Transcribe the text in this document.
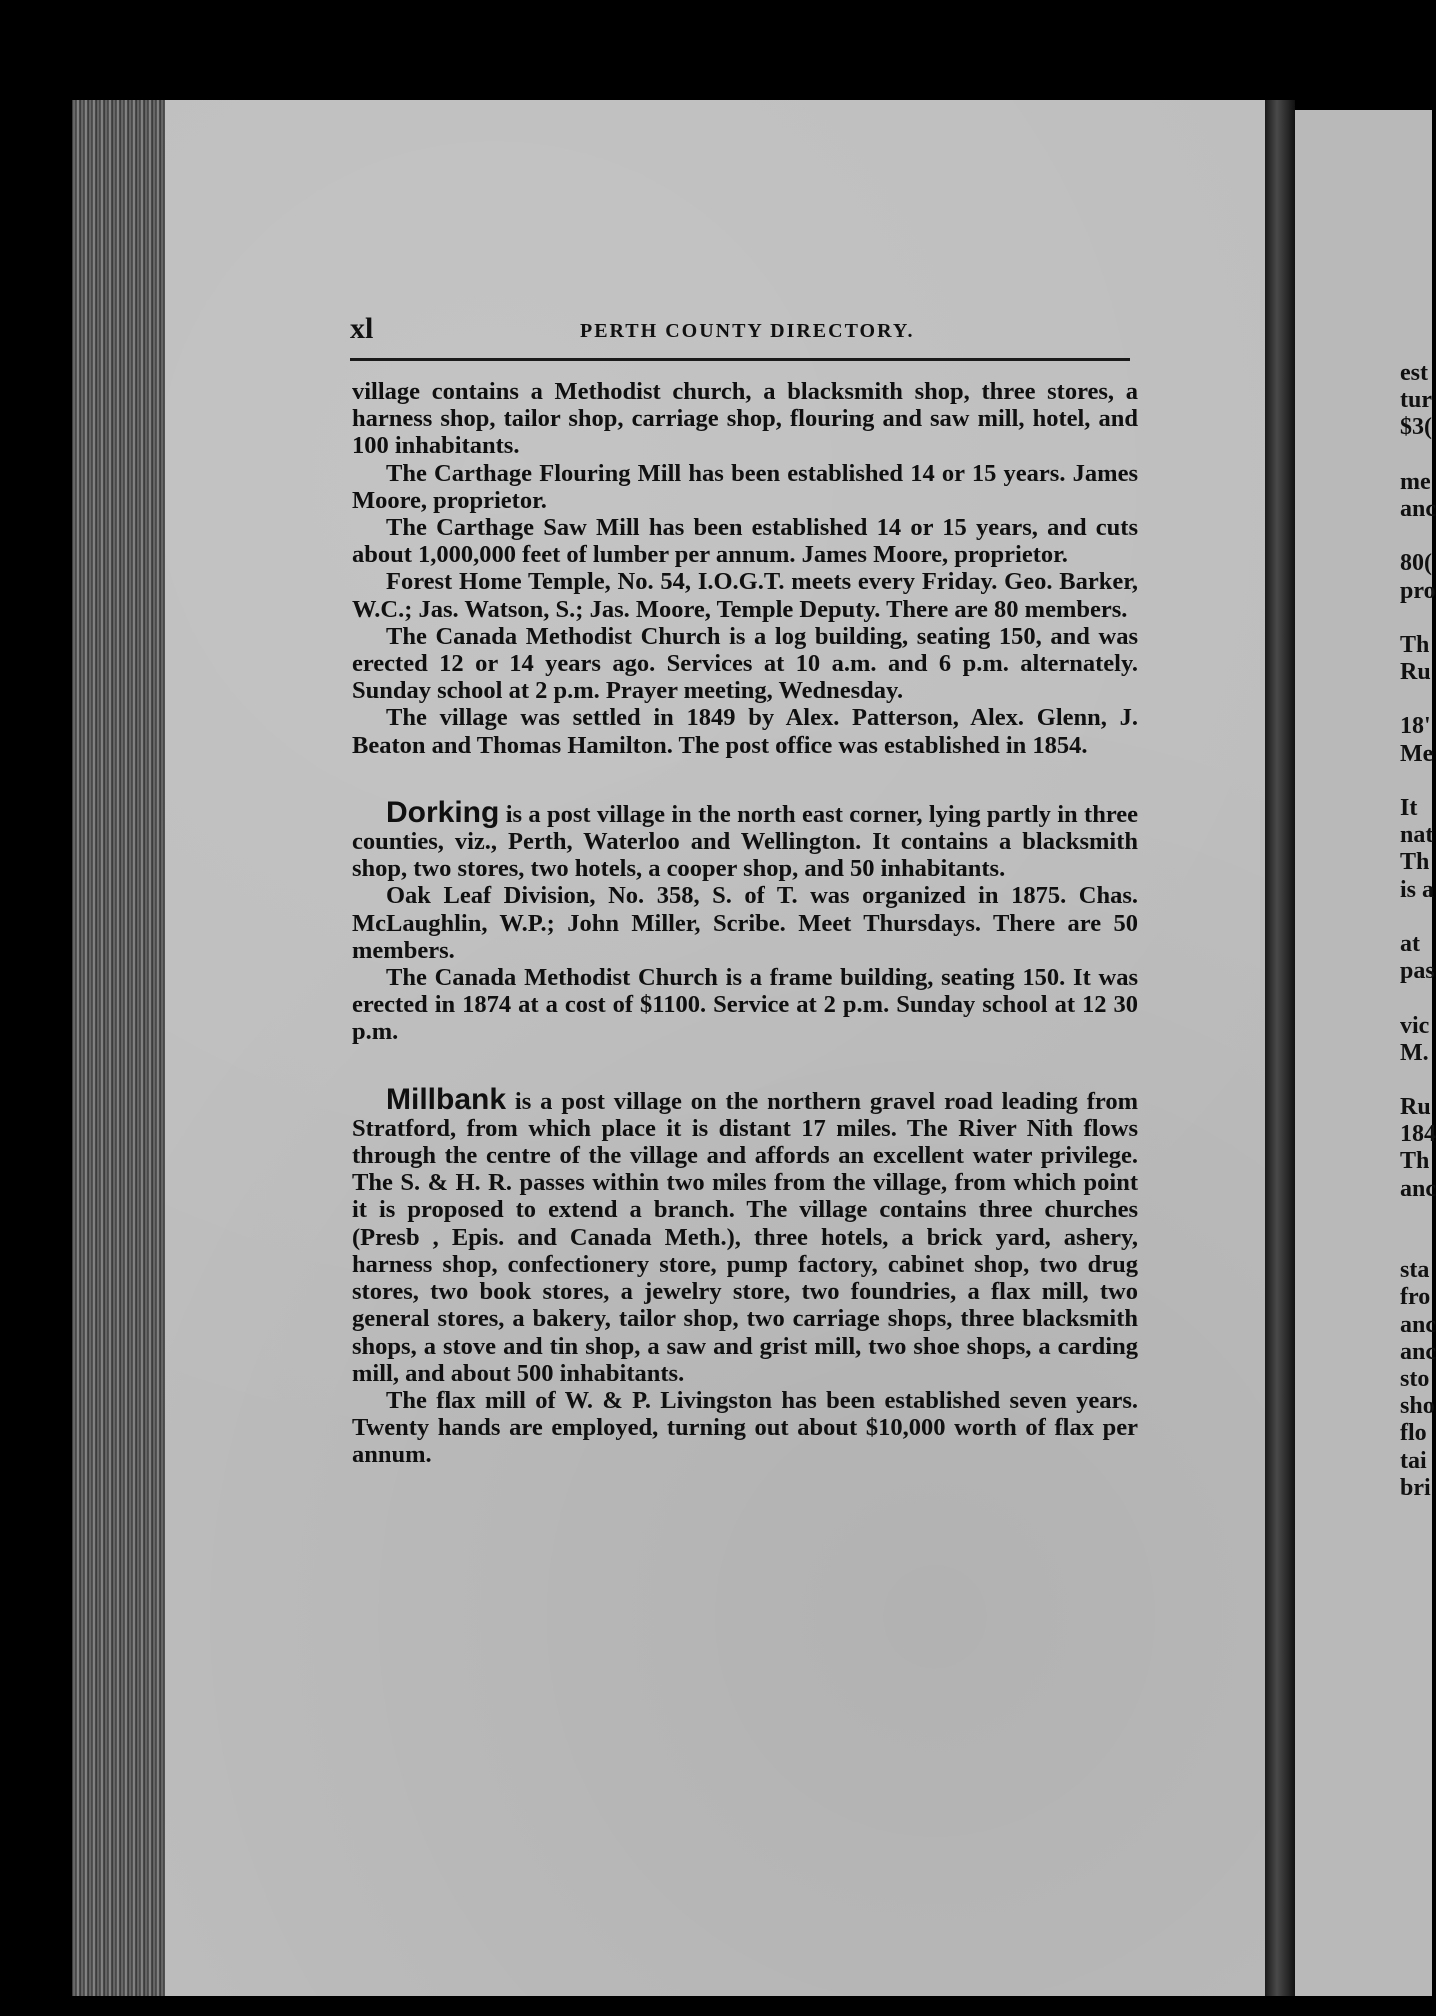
xl	PERTH COUNTY DIRECTORY.

village contains a Methodist church, a blacksmith shop, three stores, a harness shop, tailor shop, carriage shop, flouring and saw mill, hotel, and 100 inhabitants.

The Carthage Flouring Mill has been established 14 or 15 years. James Moore, proprietor.

The Carthage Saw Mill has been established 14 or 15 years, and cuts about 1,000,000 feet of lumber per annum. James Moore, proprietor.

Forest Home Temple, No. 54, I.O.G.T. meets every Friday. Geo. Barker, W.C.; Jas. Watson, S.; Jas. Moore, Temple Deputy. There are 80 members.

The Canada Methodist Church is a log building, seating 150, and was erected 12 or 14 years ago. Services at 10 a.m. and 6 p.m. alternately. Sunday school at 2 p.m. Prayer meeting, Wednesday.

The village was settled in 1849 by Alex. Patterson, Alex. Glenn, J. Beaton and Thomas Hamilton. The post office was established in 1854.

Dorking is a post village in the north east corner, lying partly in three counties, viz., Perth, Waterloo and Wellington. It contains a blacksmith shop, two stores, two hotels, a cooper shop, and 50 inhabitants.

Oak Leaf Division, No. 358, S. of T. was organized in 1875. Chas. McLaughlin, W.P.; John Miller, Scribe. Meet Thursdays. There are 50 members.

The Canada Methodist Church is a frame building, seating 150. It was erected in 1874 at a cost of $1100. Service at 2 p.m. Sunday school at 12 30 p.m.

Millbank is a post village on the northern gravel road leading from Stratford, from which place it is distant 17 miles. The River Nith flows through the centre of the village and affords an excellent water privilege. The S. & H. R. passes within two miles from the village, from which point it is proposed to extend a branch. The village contains three churches (Presb , Epis. and Canada Meth.), three hotels, a brick yard, ashery, harness shop, confectionery store, pump factory, cabinet shop, two drug stores, two book stores, a jewelry store, two foundries, a flax mill, two general stores, a bakery, tailor shop, two carriage shops, three blacksmith shops, a stove and tin shop, a saw and grist mill, two shoe shops, a carding mill, and about 500 inhabitants.

The flax mill of W. & P. Livingston has been established seven years. Twenty hands are employed, turning out about $10,000 worth of flax per annum.

est
tur
$3(
me
anc
80(
pro
Th
Ru
18'
Me
It
nat
Th
is a
at
pas
vic
M.
Ru
184
Th
anc
sta
fro
anc
anc
sto
sho
flo
tai
bri
